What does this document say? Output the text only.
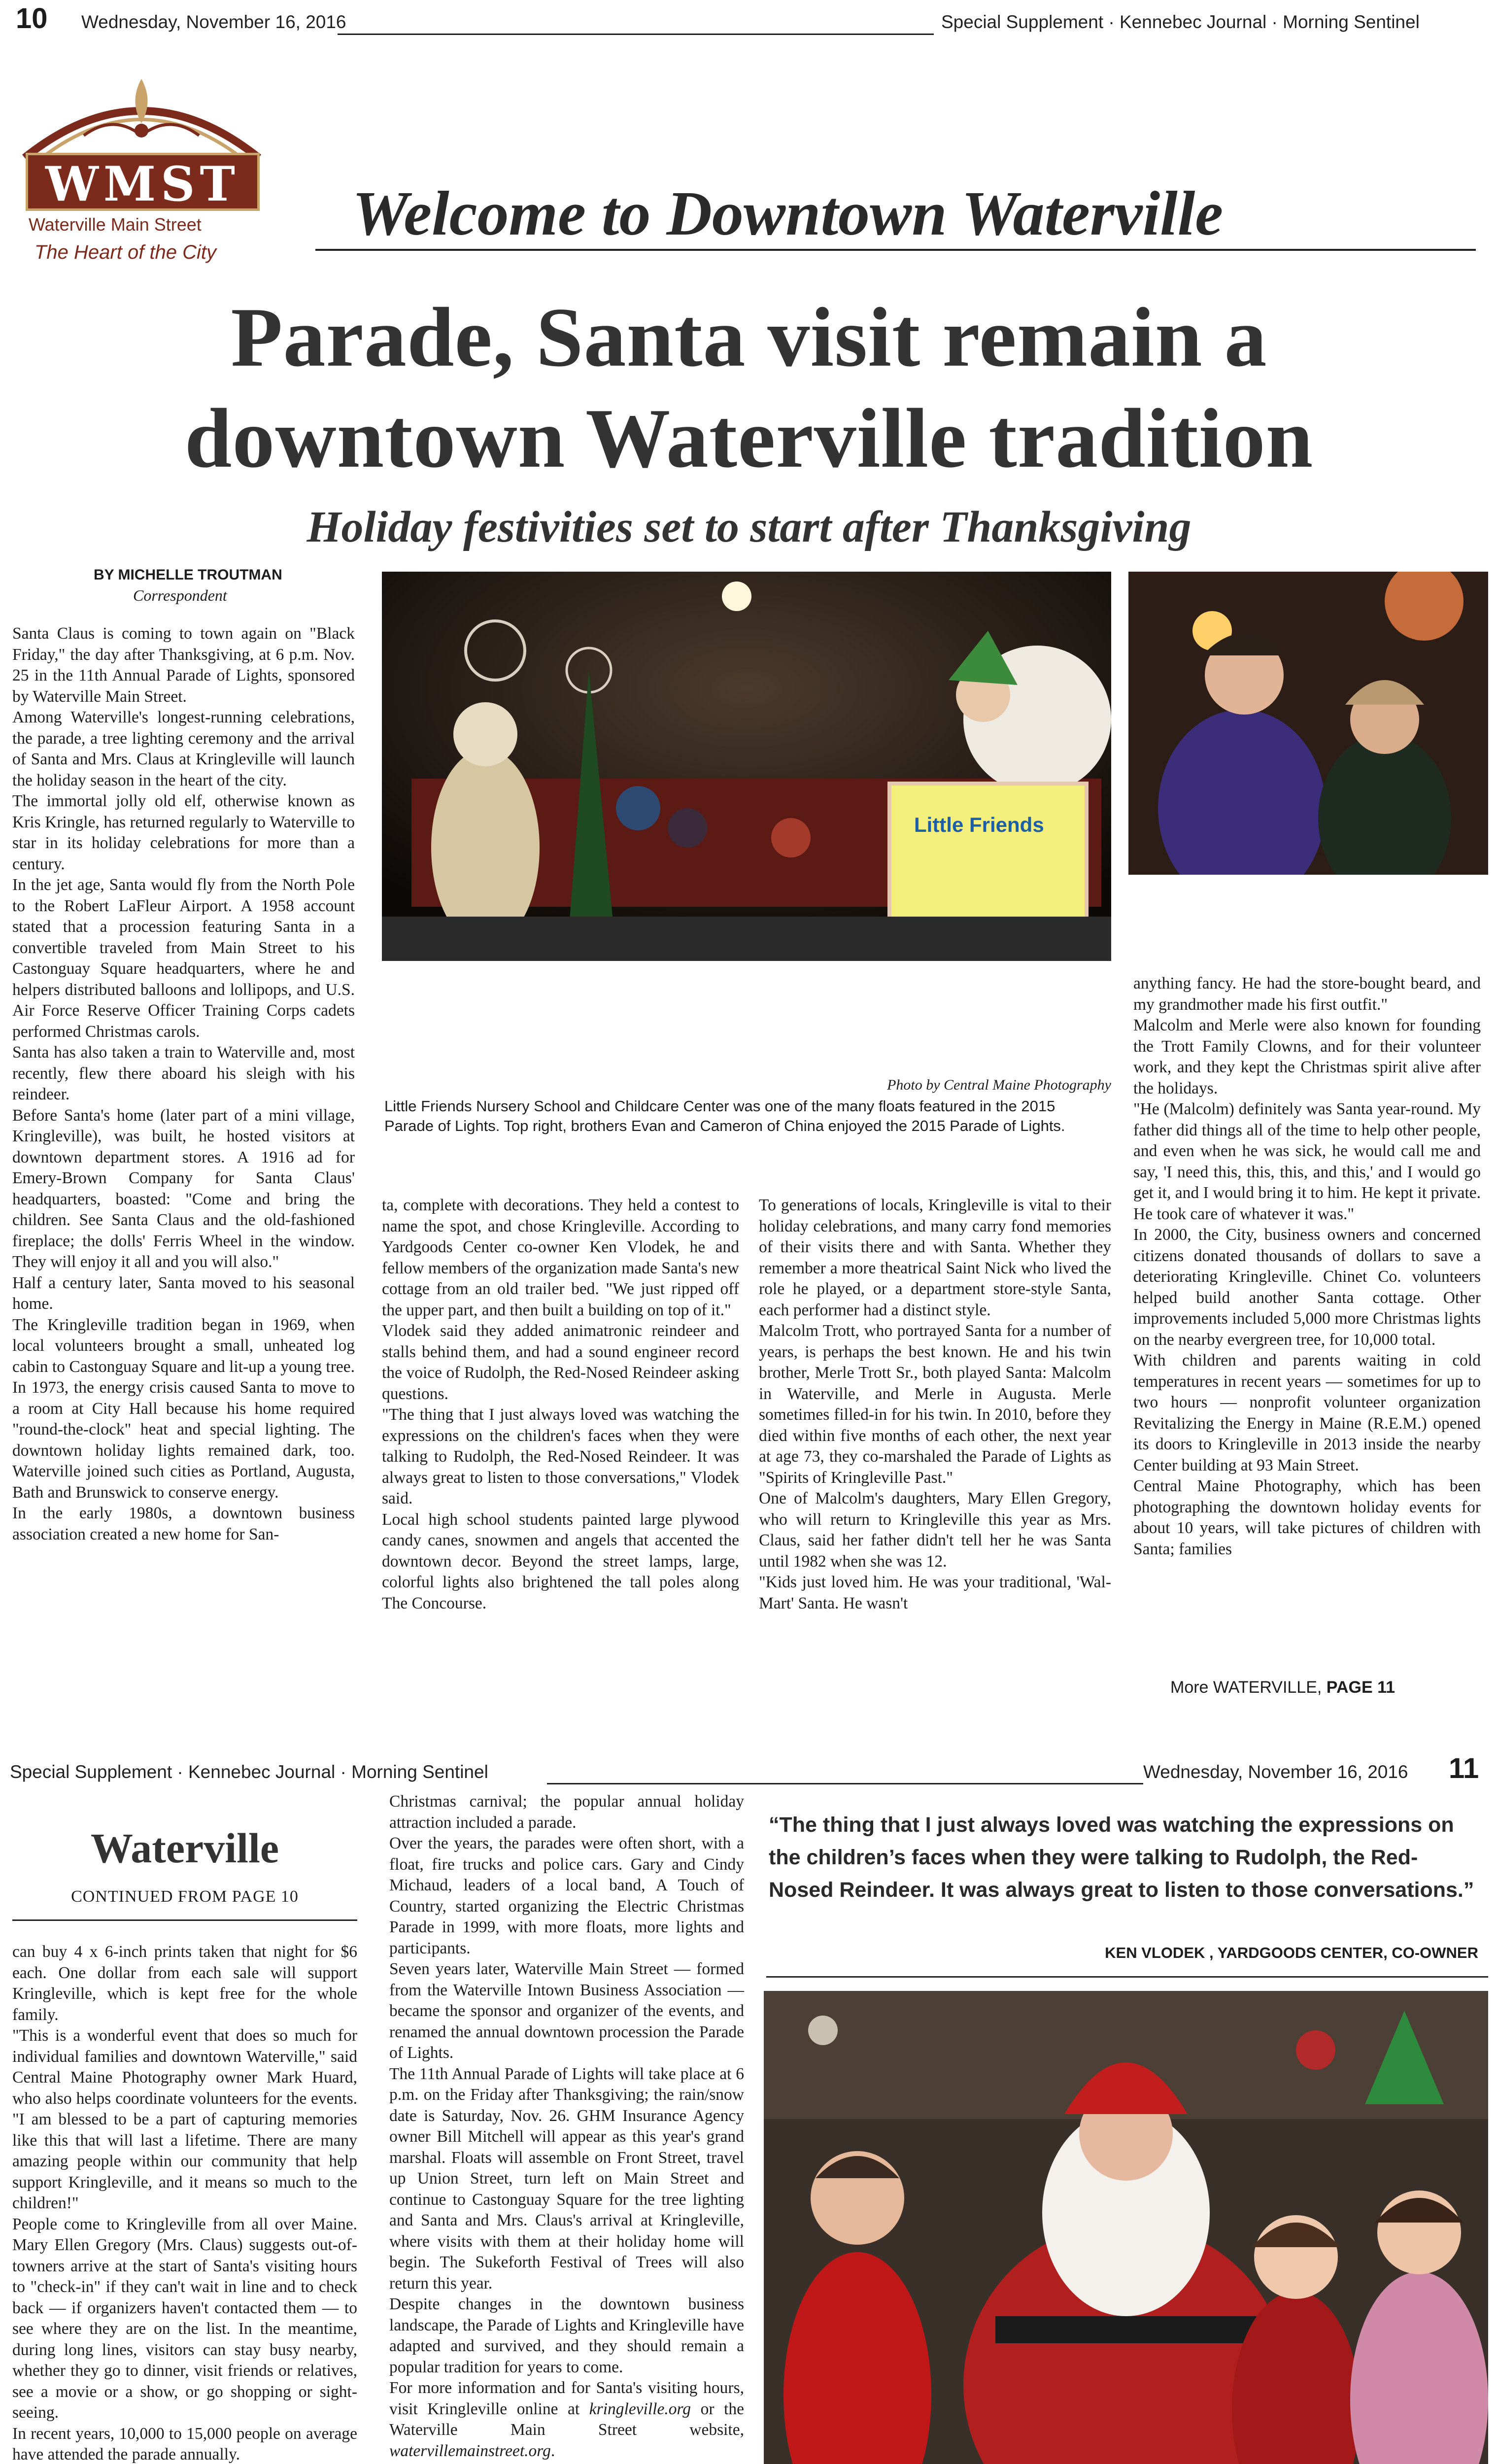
10 Wednesday, November 16, 2016	Special Supplement · Kennebec Journal · Morning Sentinel
WMST
Waterville Main Street
The Heart of the City
Welcome to Downtown Waterville
Parade, Santa visit remain a
downtown Waterville tradition
Holiday festivities set to start after Thanksgiving
BY MICHELLE TROUTMAN
Correspondent
Little Friends
Photo by Central Maine Photography
Little Friends Nursery School and Childcare Center was one of the many floats featured in the 2015 Parade of Lights. Top right, brothers Evan and Cameron of China enjoyed the 2015 Parade of Lights.
Santa Claus is coming to town again on "Black Friday," the day after Thanksgiving, at 6 p.m. Nov. 25 in the 11th Annual Parade of Lights, sponsored by Waterville Main Street.
Among Waterville's longest-running celebrations, the parade, a tree lighting ceremony and the arrival of Santa and Mrs. Claus at Kringleville will launch the holiday season in the heart of the city.
The immortal jolly old elf, otherwise known as Kris Kringle, has returned regularly to Waterville to star in its holiday celebrations for more than a century.
In the jet age, Santa would fly from the North Pole to the Robert LaFleur Airport. A 1958 account stated that a procession featuring Santa in a convertible traveled from Main Street to his Castonguay Square headquarters, where he and helpers distributed balloons and lollipops, and U.S. Air Force Reserve Officer Training Corps cadets performed Christmas carols.
Santa has also taken a train to Waterville and, most recently, flew there aboard his sleigh with his reindeer.
Before Santa's home (later part of a mini village, Kringleville), was built, he hosted visitors at downtown department stores. A 1916 ad for Emery-Brown Company for Santa Claus' headquarters, boasted: "Come and bring the children. See Santa Claus and the old-fashioned fireplace; the dolls' Ferris Wheel in the window. They will enjoy it all and you will also."
Half a century later, Santa moved to his seasonal home.
The Kringleville tradition began in 1969, when local volunteers brought a small, unheated log cabin to Castonguay Square and lit-up a young tree. In 1973, the energy crisis caused Santa to move to a room at City Hall because his home required "round-the-clock" heat and special lighting. The downtown holiday lights remained dark, too. Waterville joined such cities as Portland, Augusta, Bath and Brunswick to conserve energy.
In the early 1980s, a downtown business association created a new home for San-
ta, complete with decorations. They held a contest to name the spot, and chose Kringleville. According to Yardgoods Center co-owner Ken Vlodek, he and fellow members of the organization made Santa's new cottage from an old trailer bed. "We just ripped off the upper part, and then built a building on top of it."
Vlodek said they added animatronic reindeer and stalls behind them, and had a sound engineer record the voice of Rudolph, the Red-Nosed Reindeer asking questions.
"The thing that I just always loved was watching the expressions on the children's faces when they were talking to Rudolph, the Red-Nosed Reindeer. It was always great to listen to those conversations," Vlodek said.
Local high school students painted large plywood candy canes, snowmen and angels that accented the downtown decor. Beyond the street lamps, large, colorful lights also brightened the tall poles along The Concourse.
To generations of locals, Kringleville is vital to their holiday celebrations, and many carry fond memories of their visits there and with Santa. Whether they remember a more theatrical Saint Nick who lived the role he played, or a department store-style Santa, each performer had a distinct style.
Malcolm Trott, who portrayed Santa for a number of years, is perhaps the best known. He and his twin brother, Merle Trott Sr., both played Santa: Malcolm in Waterville, and Merle in Augusta. Merle sometimes filled-in for his twin. In 2010, before they died within five months of each other, the next year at age 73, they co-marshaled the Parade of Lights as "Spirits of Kringleville Past."
One of Malcolm's daughters, Mary Ellen Gregory, who will return to Kringleville this year as Mrs. Claus, said her father didn't tell her he was Santa until 1982 when she was 12.
"Kids just loved him. He was your traditional, 'Wal-Mart' Santa. He wasn't
anything fancy. He had the store-bought beard, and my grandmother made his first outfit."
Malcolm and Merle were also known for founding the Trott Family Clowns, and for their volunteer work, and they kept the Christmas spirit alive after the holidays.
"He (Malcolm) definitely was Santa year-round. My father did things all of the time to help other people, and even when he was sick, he would call me and say, 'I need this, this, this, and this,' and I would go get it, and I would bring it to him. He kept it private. He took care of whatever it was."
In 2000, the City, business owners and concerned citizens donated thousands of dollars to save a deteriorating Kringleville. Chinet Co. volunteers helped build another Santa cottage. Other improvements included 5,000 more Christmas lights on the nearby evergreen tree, for 10,000 total.
With children and parents waiting in cold temperatures in recent years — sometimes for up to two hours — nonprofit volunteer organization Revitalizing the Energy in Maine (R.E.M.) opened its doors to Kringleville in 2013 inside the nearby Center building at 93 Main Street.
Central Maine Photography, which has been photographing the downtown holiday events for about 10 years, will take pictures of children with Santa; families
More WATERVILLE, PAGE 11
Special Supplement · Kennebec Journal · Morning Sentinel	Wednesday, November 16, 2016 11
Waterville
CONTINUED FROM PAGE 10
can buy 4 x 6-inch prints taken that night for $6 each. One dollar from each sale will support Kringleville, which is kept free for the whole family.
"This is a wonderful event that does so much for individual families and downtown Waterville," said Central Maine Photography owner Mark Huard, who also helps coordinate volunteers for the events. "I am blessed to be a part of capturing memories like this that will last a lifetime. There are many amazing people within our community that help support Kringleville, and it means so much to the children!"
People come to Kringleville from all over Maine. Mary Ellen Gregory (Mrs. Claus) suggests out-of-towners arrive at the start of Santa's visiting hours to "check-in" if they can't wait in line and to check back — if organizers haven't contacted them — to see where they are on the list. In the meantime, during long lines, visitors can stay busy nearby, whether they go to dinner, visit friends or relatives, see a movie or a show, or go shopping or sight-seeing.
In recent years, 10,000 to 15,000 people on average have attended the parade annually.

Christmas carnival; the popular annual holiday attraction included a parade.
Over the years, the parades were often short, with a float, fire trucks and police cars. Gary and Cindy Michaud, leaders of a local band, A Touch of Country, started organizing the Electric Christmas Parade in 1999, with more floats, more lights and participants.
Seven years later, Waterville Main Street — formed from the Waterville Intown Business Association — became the sponsor and organizer of the events, and renamed the annual downtown procession the Parade of Lights.
The 11th Annual Parade of Lights will take place at 6 p.m. on the Friday after Thanksgiving; the rain/snow date is Saturday, Nov. 26. GHM Insurance Agency owner Bill Mitchell will appear as this year's grand marshal. Floats will assemble on Front Street, travel up Union Street, turn left on Main Street and continue to Castonguay Square for the tree lighting and Santa and Mrs. Claus's arrival at Kringleville, where visits with them at their holiday home will begin. The Sukeforth Festival of Trees will also return this year.
Despite changes in the downtown business landscape, the Parade of Lights and Kringleville have adapted and survived, and they should remain a popular tradition for years to come.
For more information and for Santa's visiting hours, visit Kringleville online at kringleville.org or the Waterville Main Street website, watervillemainstreet.org.
“The thing that I just always loved was watching the expressions on the children’s faces when they were talking to Rudolph, the Red-Nosed Reindeer. It was always great to listen to those conversations.”
KEN VLODEK , YARDGOODS CENTER, CO-OWNER
